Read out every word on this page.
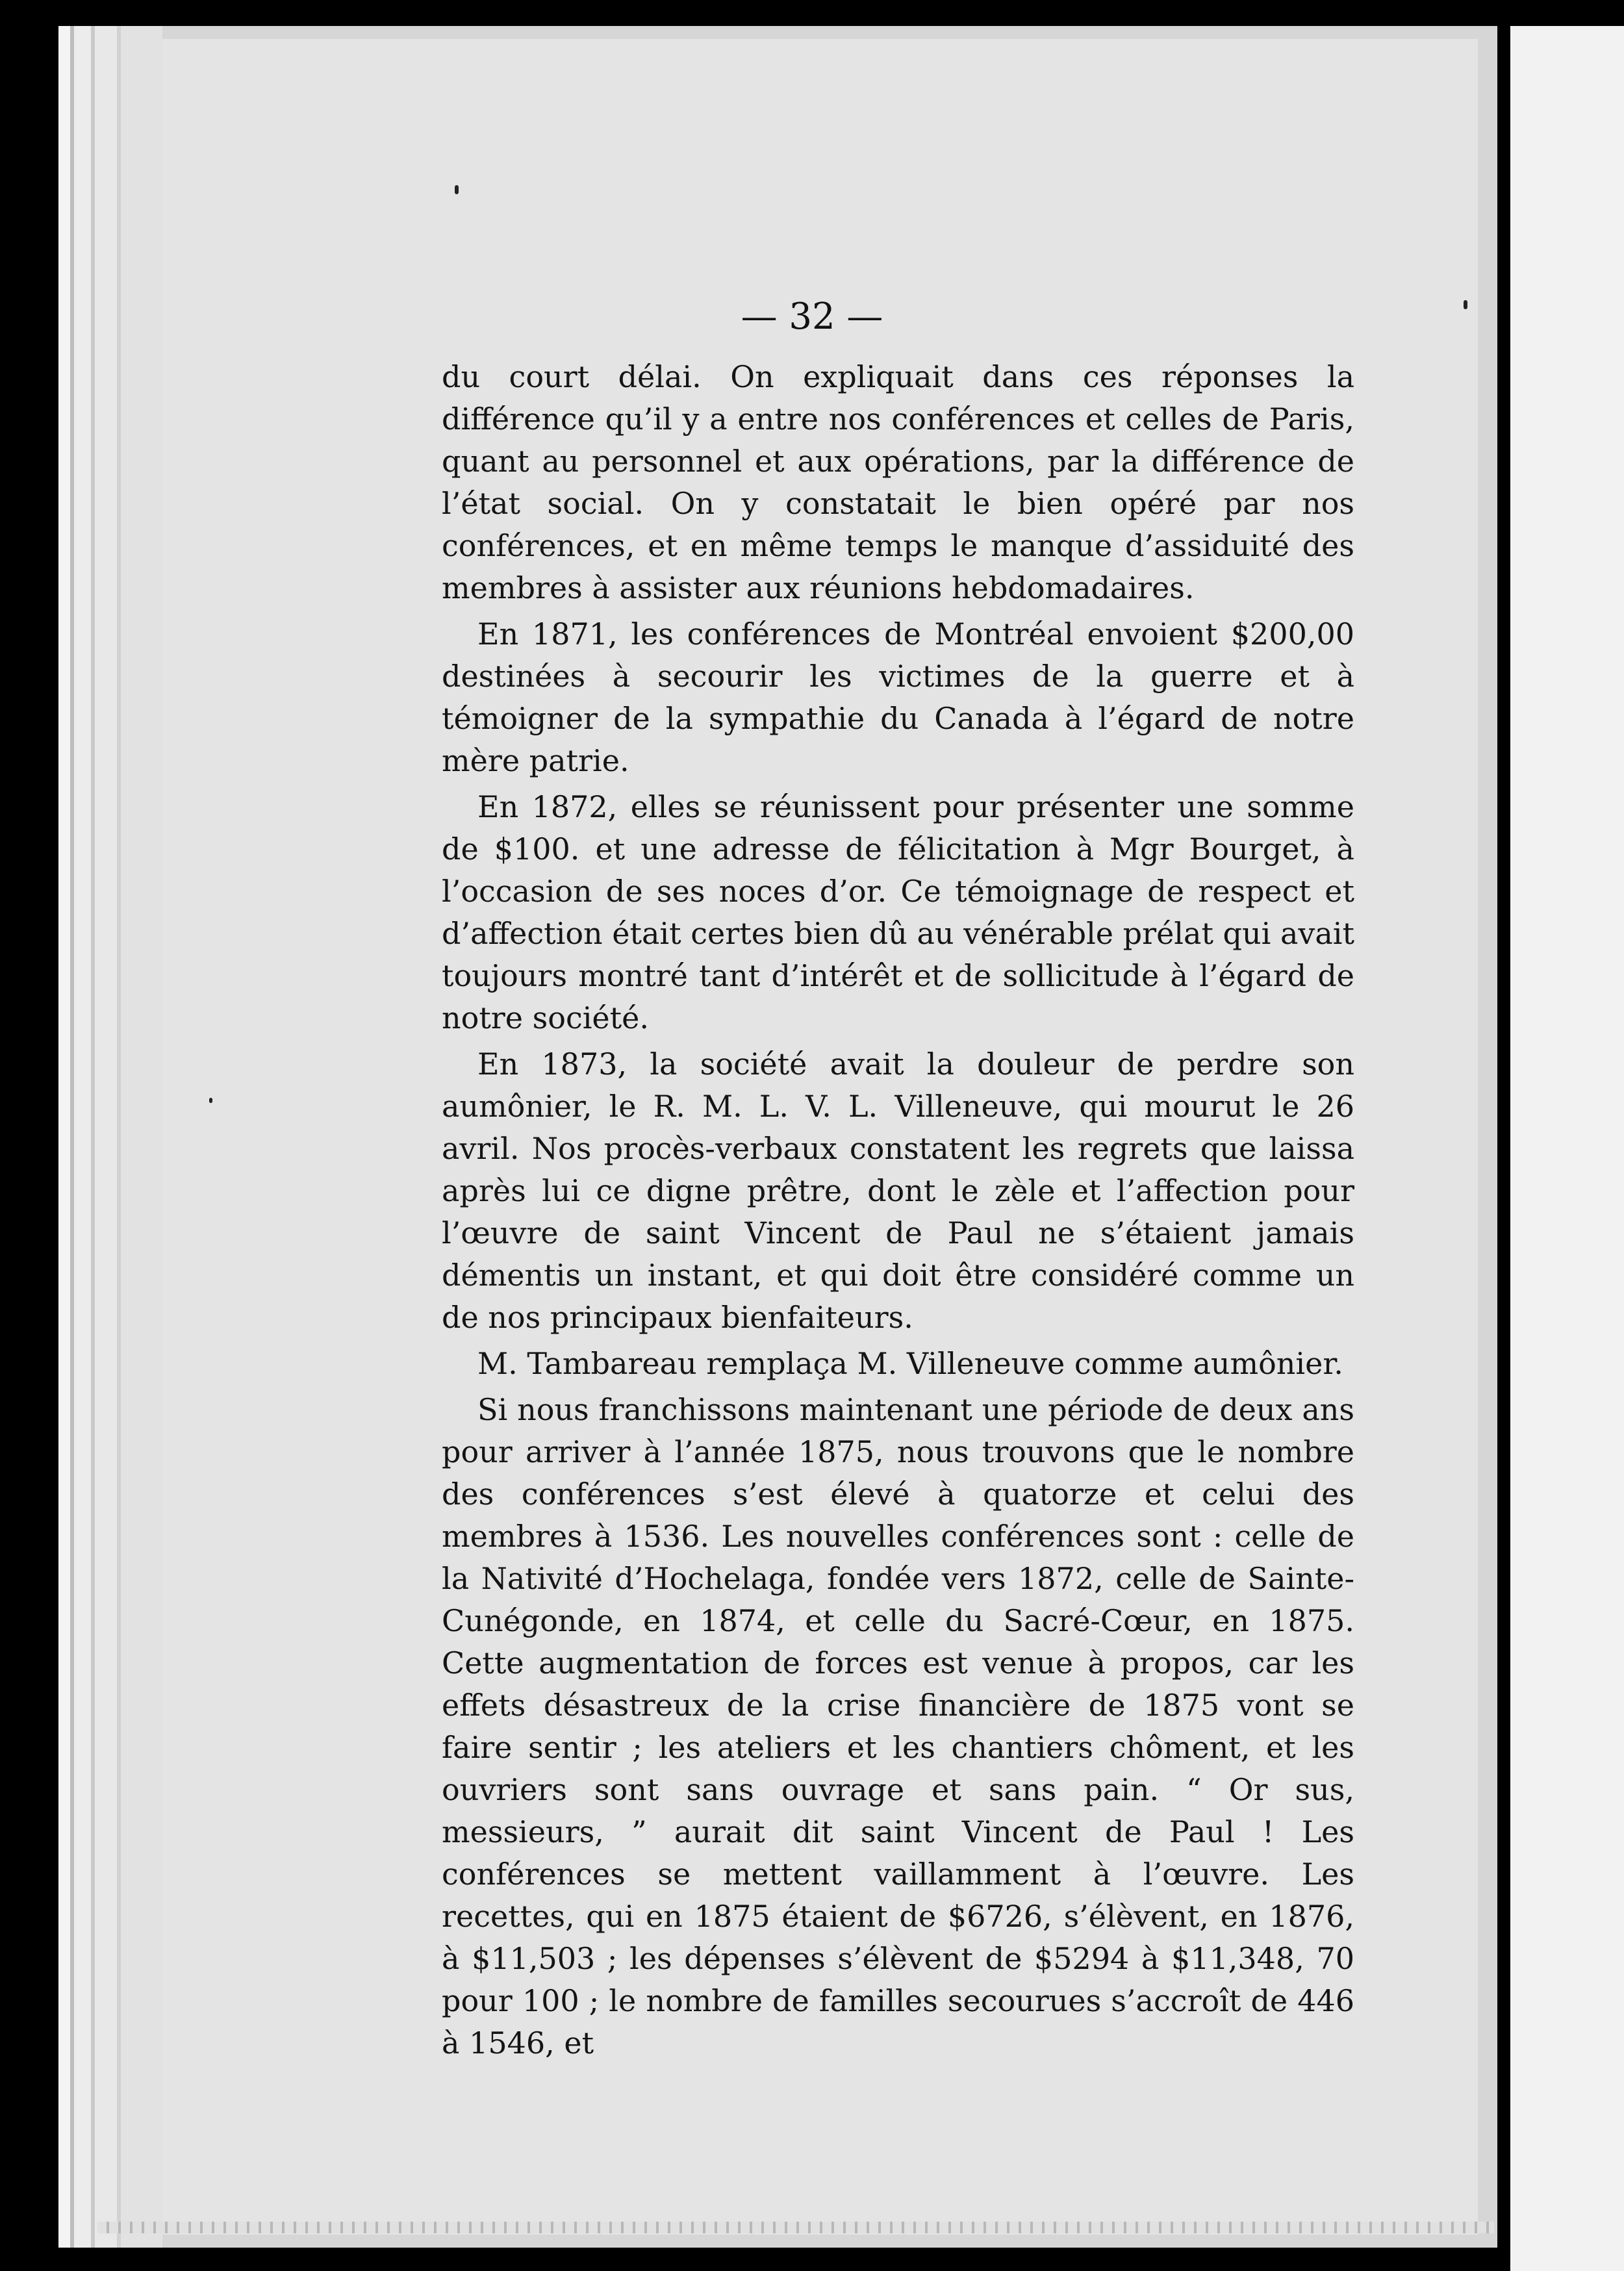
— 32 —

du court délai. On expliquait dans ces réponses la différence qu’il y a entre nos conférences et celles de Paris, quant au personnel et aux opérations, par la différence de l’état social. On y constatait le bien opéré par nos conférences, et en même temps le manque d’assiduité des membres à assister aux réunions hebdomadaires.

En 1871, les conférences de Montréal envoient $200,00 destinées à secourir les victimes de la guerre et à témoigner de la sympathie du Canada à l’égard de notre mère patrie.

En 1872, elles se réunissent pour présenter une somme de $100. et une adresse de félicitation à Mgr Bourget, à l’occasion de ses noces d’or. Ce témoignage de respect et d’affection était certes bien dû au vénérable prélat qui avait toujours montré tant d’intérêt et de sollicitude à l’égard de notre société.

En 1873, la société avait la douleur de perdre son aumônier, le R. M. L. V. L. Villeneuve, qui mourut le 26 avril. Nos procès-verbaux constatent les regrets que laissa après lui ce digne prêtre, dont le zèle et l’affection pour l’œuvre de saint Vincent de Paul ne s’étaient jamais démentis un instant, et qui doit être considéré comme un de nos principaux bienfaiteurs.

M. Tambareau remplaça M. Villeneuve comme aumônier.

Si nous franchissons maintenant une période de deux ans pour arriver à l’année 1875, nous trouvons que le nombre des conférences s’est élevé à quatorze et celui des membres à 1536. Les nouvelles conférences sont : celle de la Nativité d’Hochelaga, fondée vers 1872, celle de Sainte-Cunégonde, en 1874, et celle du Sacré-Cœur, en 1875. Cette augmentation de forces est venue à propos, car les effets désastreux de la crise financière de 1875 vont se faire sentir ; les ateliers et les chantiers chôment, et les ouvriers sont sans ouvrage et sans pain. “ Or sus, messieurs, ” aurait dit saint Vincent de Paul ! Les conférences se mettent vaillamment à l’œuvre. Les recettes, qui en 1875 étaient de $6726, s’élèvent, en 1876, à $11,503 ; les dépenses s’élèvent de $5294 à $11,348, 70 pour 100 ; le nombre de familles secourues s’accroît de 446 à 1546, et
